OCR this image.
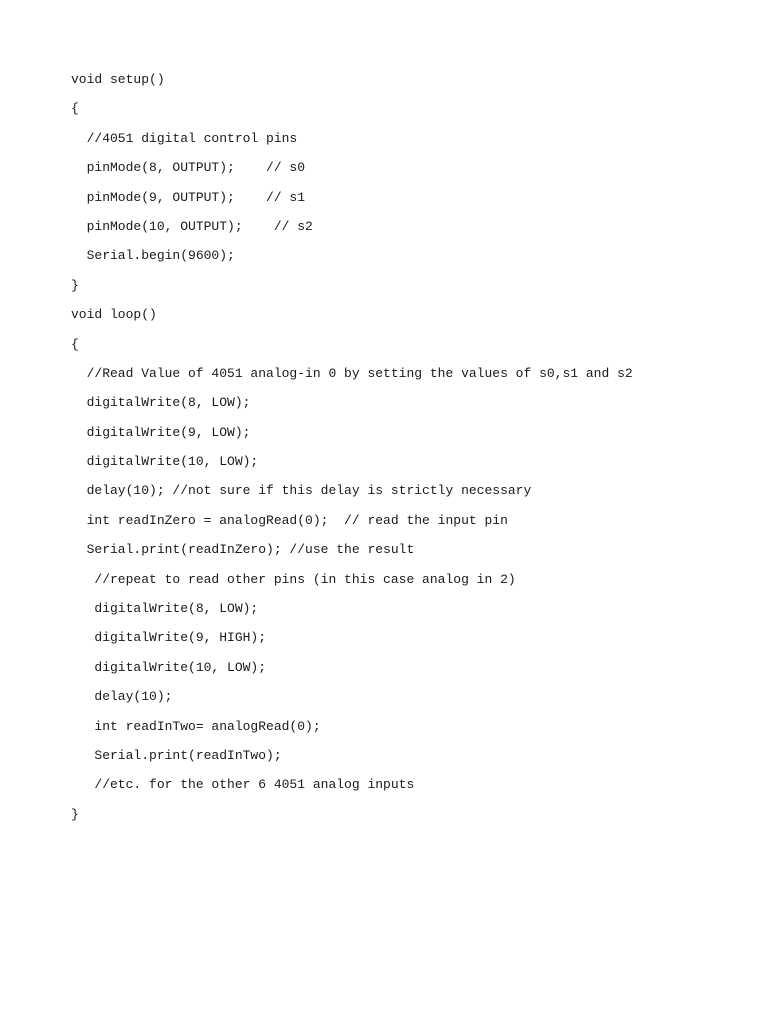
void setup()
{
//4051 digital control pins
pinMode(8, OUTPUT);    // s0
pinMode(9, OUTPUT);    // s1
pinMode(10, OUTPUT);    // s2
Serial.begin(9600);
}
void loop()
{
//Read Value of 4051 analog-in 0 by setting the values of s0,s1 and s2
digitalWrite(8, LOW);
digitalWrite(9, LOW);
digitalWrite(10, LOW);
delay(10); //not sure if this delay is strictly necessary
int readInZero = analogRead(0);  // read the input pin
Serial.print(readInZero); //use the result
//repeat to read other pins (in this case analog in 2)
digitalWrite(8, LOW);
digitalWrite(9, HIGH);
digitalWrite(10, LOW);
delay(10);
int readInTwo= analogRead(0);
Serial.print(readInTwo);
//etc. for the other 6 4051 analog inputs
}
